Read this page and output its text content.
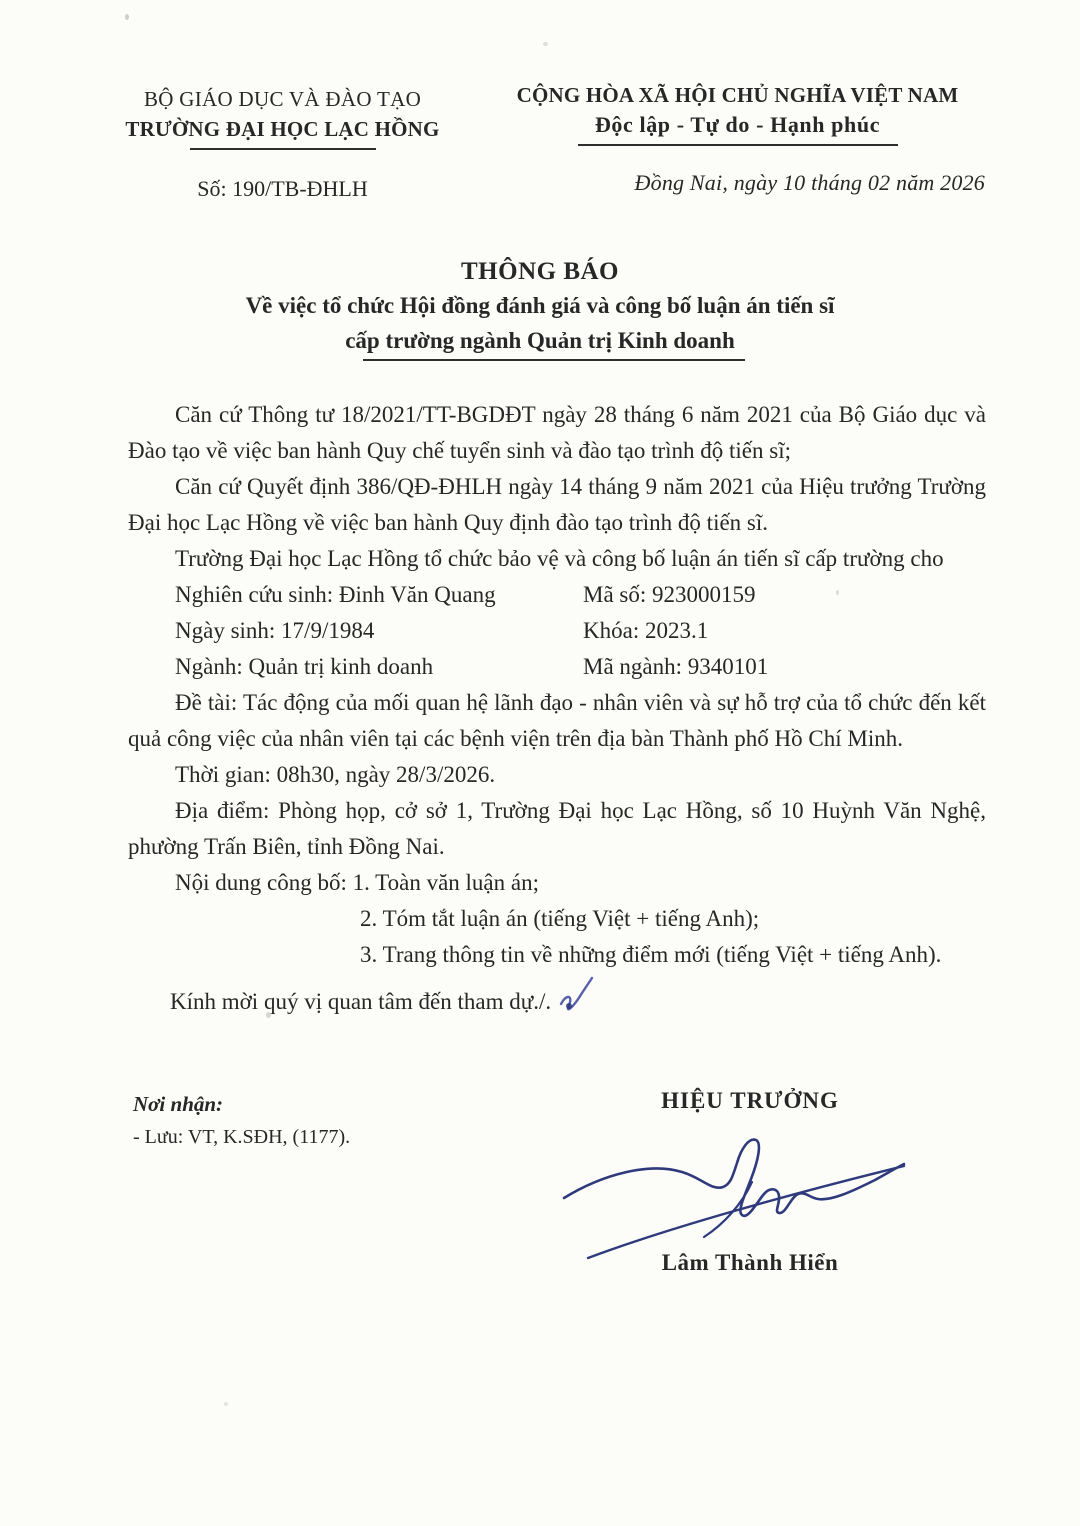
BỘ GIÁO DỤC VÀ ĐÀO TẠO
TRƯỜNG ĐẠI HỌC LẠC HỒNG
Số: 190/TB-ĐHLH
CỘNG HÒA XÃ HỘI CHỦ NGHĨA VIỆT NAM
Độc lập - Tự do - Hạnh phúc
Đồng Nai, ngày 10 tháng 02 năm 2026
THÔNG BÁO
Về việc tổ chức Hội đồng đánh giá và công bố luận án tiến sĩ
cấp trường ngành Quản trị Kinh doanh

Căn cứ Thông tư 18/2021/TT-BGDĐT ngày 28 tháng 6 năm 2021 của Bộ Giáo dục và Đào tạo về việc ban hành Quy chế tuyển sinh và đào tạo trình độ tiến sĩ;

Căn cứ Quyết định 386/QĐ-ĐHLH ngày 14 tháng 9 năm 2021 của Hiệu trưởng Trường Đại học Lạc Hồng về việc ban hành Quy định đào tạo trình độ tiến sĩ.

Trường Đại học Lạc Hồng tổ chức bảo vệ và công bố luận án tiến sĩ cấp trường cho

Nghiên cứu sinh: Đinh Văn Quang	Mã số: 923000159
Ngày sinh: 17/9/1984	Khóa: 2023.1
Ngành: Quản trị kinh doanh	Mã ngành: 9340101

Đề tài: Tác động của mối quan hệ lãnh đạo - nhân viên và sự hỗ trợ của tổ chức đến kết quả công việc của nhân viên tại các bệnh viện trên địa bàn Thành phố Hồ Chí Minh.

Thời gian: 08h30, ngày 28/3/2026.

Địa điểm: Phòng họp, cở sở 1, Trường Đại học Lạc Hồng, số 10 Huỳnh Văn Nghệ, phường Trấn Biên, tỉnh Đồng Nai.

Nội dung công bố: 1. Toàn văn luận án;

2. Tóm tắt luận án (tiếng Việt + tiếng Anh);
3. Trang thông tin về những điểm mới (tiếng Việt + tiếng Anh).
Kính mời quý vị quan tâm đến tham dự./.
Nơi nhận:
- Lưu: VT, K.SĐH, (1177).
HIỆU TRƯỞNG
Lâm Thành Hiển
